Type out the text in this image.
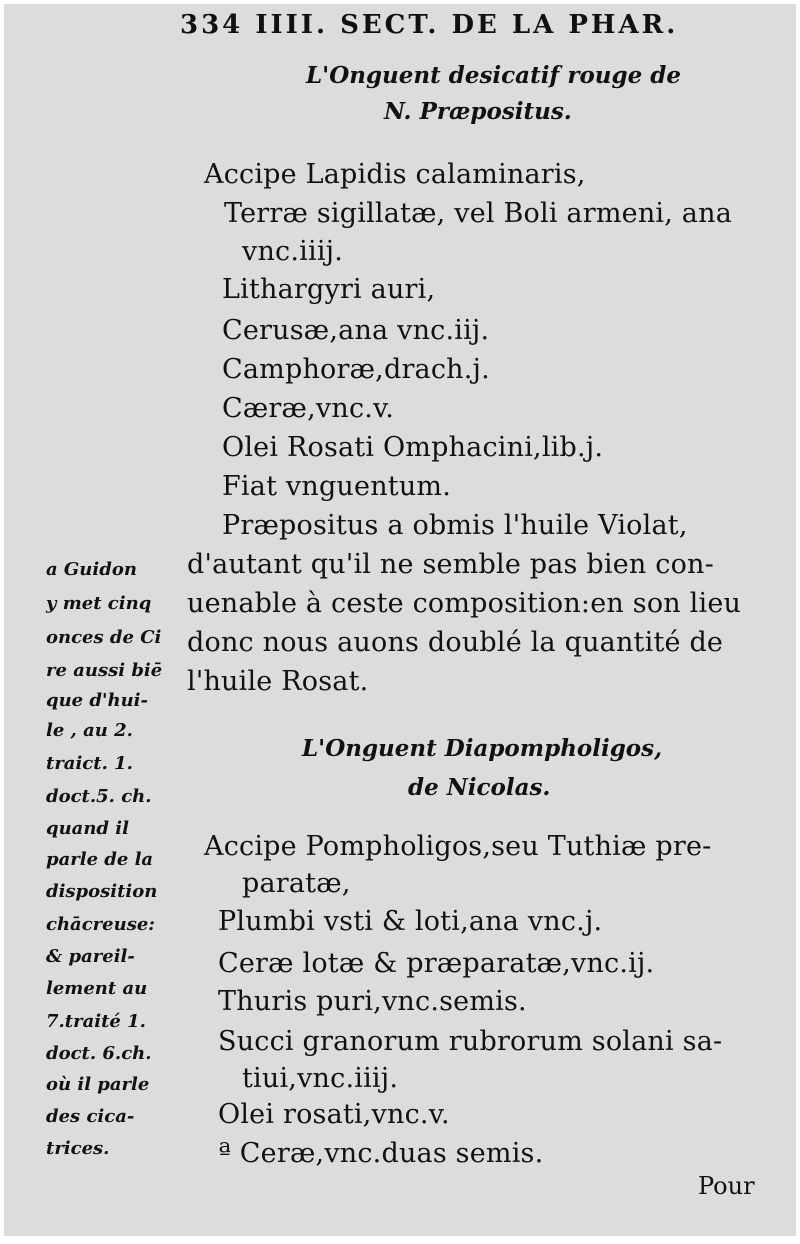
334 IIII. SECT. DE LA PHAR.
L'Onguent desicatif rouge de
N. Præpositus.
Accipe Lapidis calaminaris,
Terræ sigillatæ, vel Boli armeni, ana
vnc.iiij.
Lithargyri auri,
Cerusæ,ana vnc.iij.
Camphoræ,drach.j.
Cæræ,vnc.v.
Olei Rosati Omphacini,lib.j.
Fiat vnguentum.
Præpositus a obmis l'huile Violat,
d'autant qu'il ne semble pas bien con-
uenable à ceste composition:en son lieu
donc nous auons doublé la quantité de
l'huile Rosat.
L'Onguent Diapompholigos,
de Nicolas.
Accipe Pompholigos,seu Tuthiæ pre-
paratæ,
Plumbi vsti & loti,ana vnc.j.
Ceræ lotæ & præparatæ,vnc.ij.
Thuris puri,vnc.semis.
Succi granorum rubrorum solani sa-
tiui,vnc.iiij.
Olei rosati,vnc.v.
ª Ceræ,vnc.duas semis.
a Guidon
y met cinq
onces de Ci
re aussi biē
que d'hui-
le , au 2.
traict. 1.
doct.5. ch.
quand il
parle de la
disposition
chācreuse:
& pareil-
lement au
7.traité 1.
doct. 6.ch.
où il parle
des cica-
trices.
Pour
